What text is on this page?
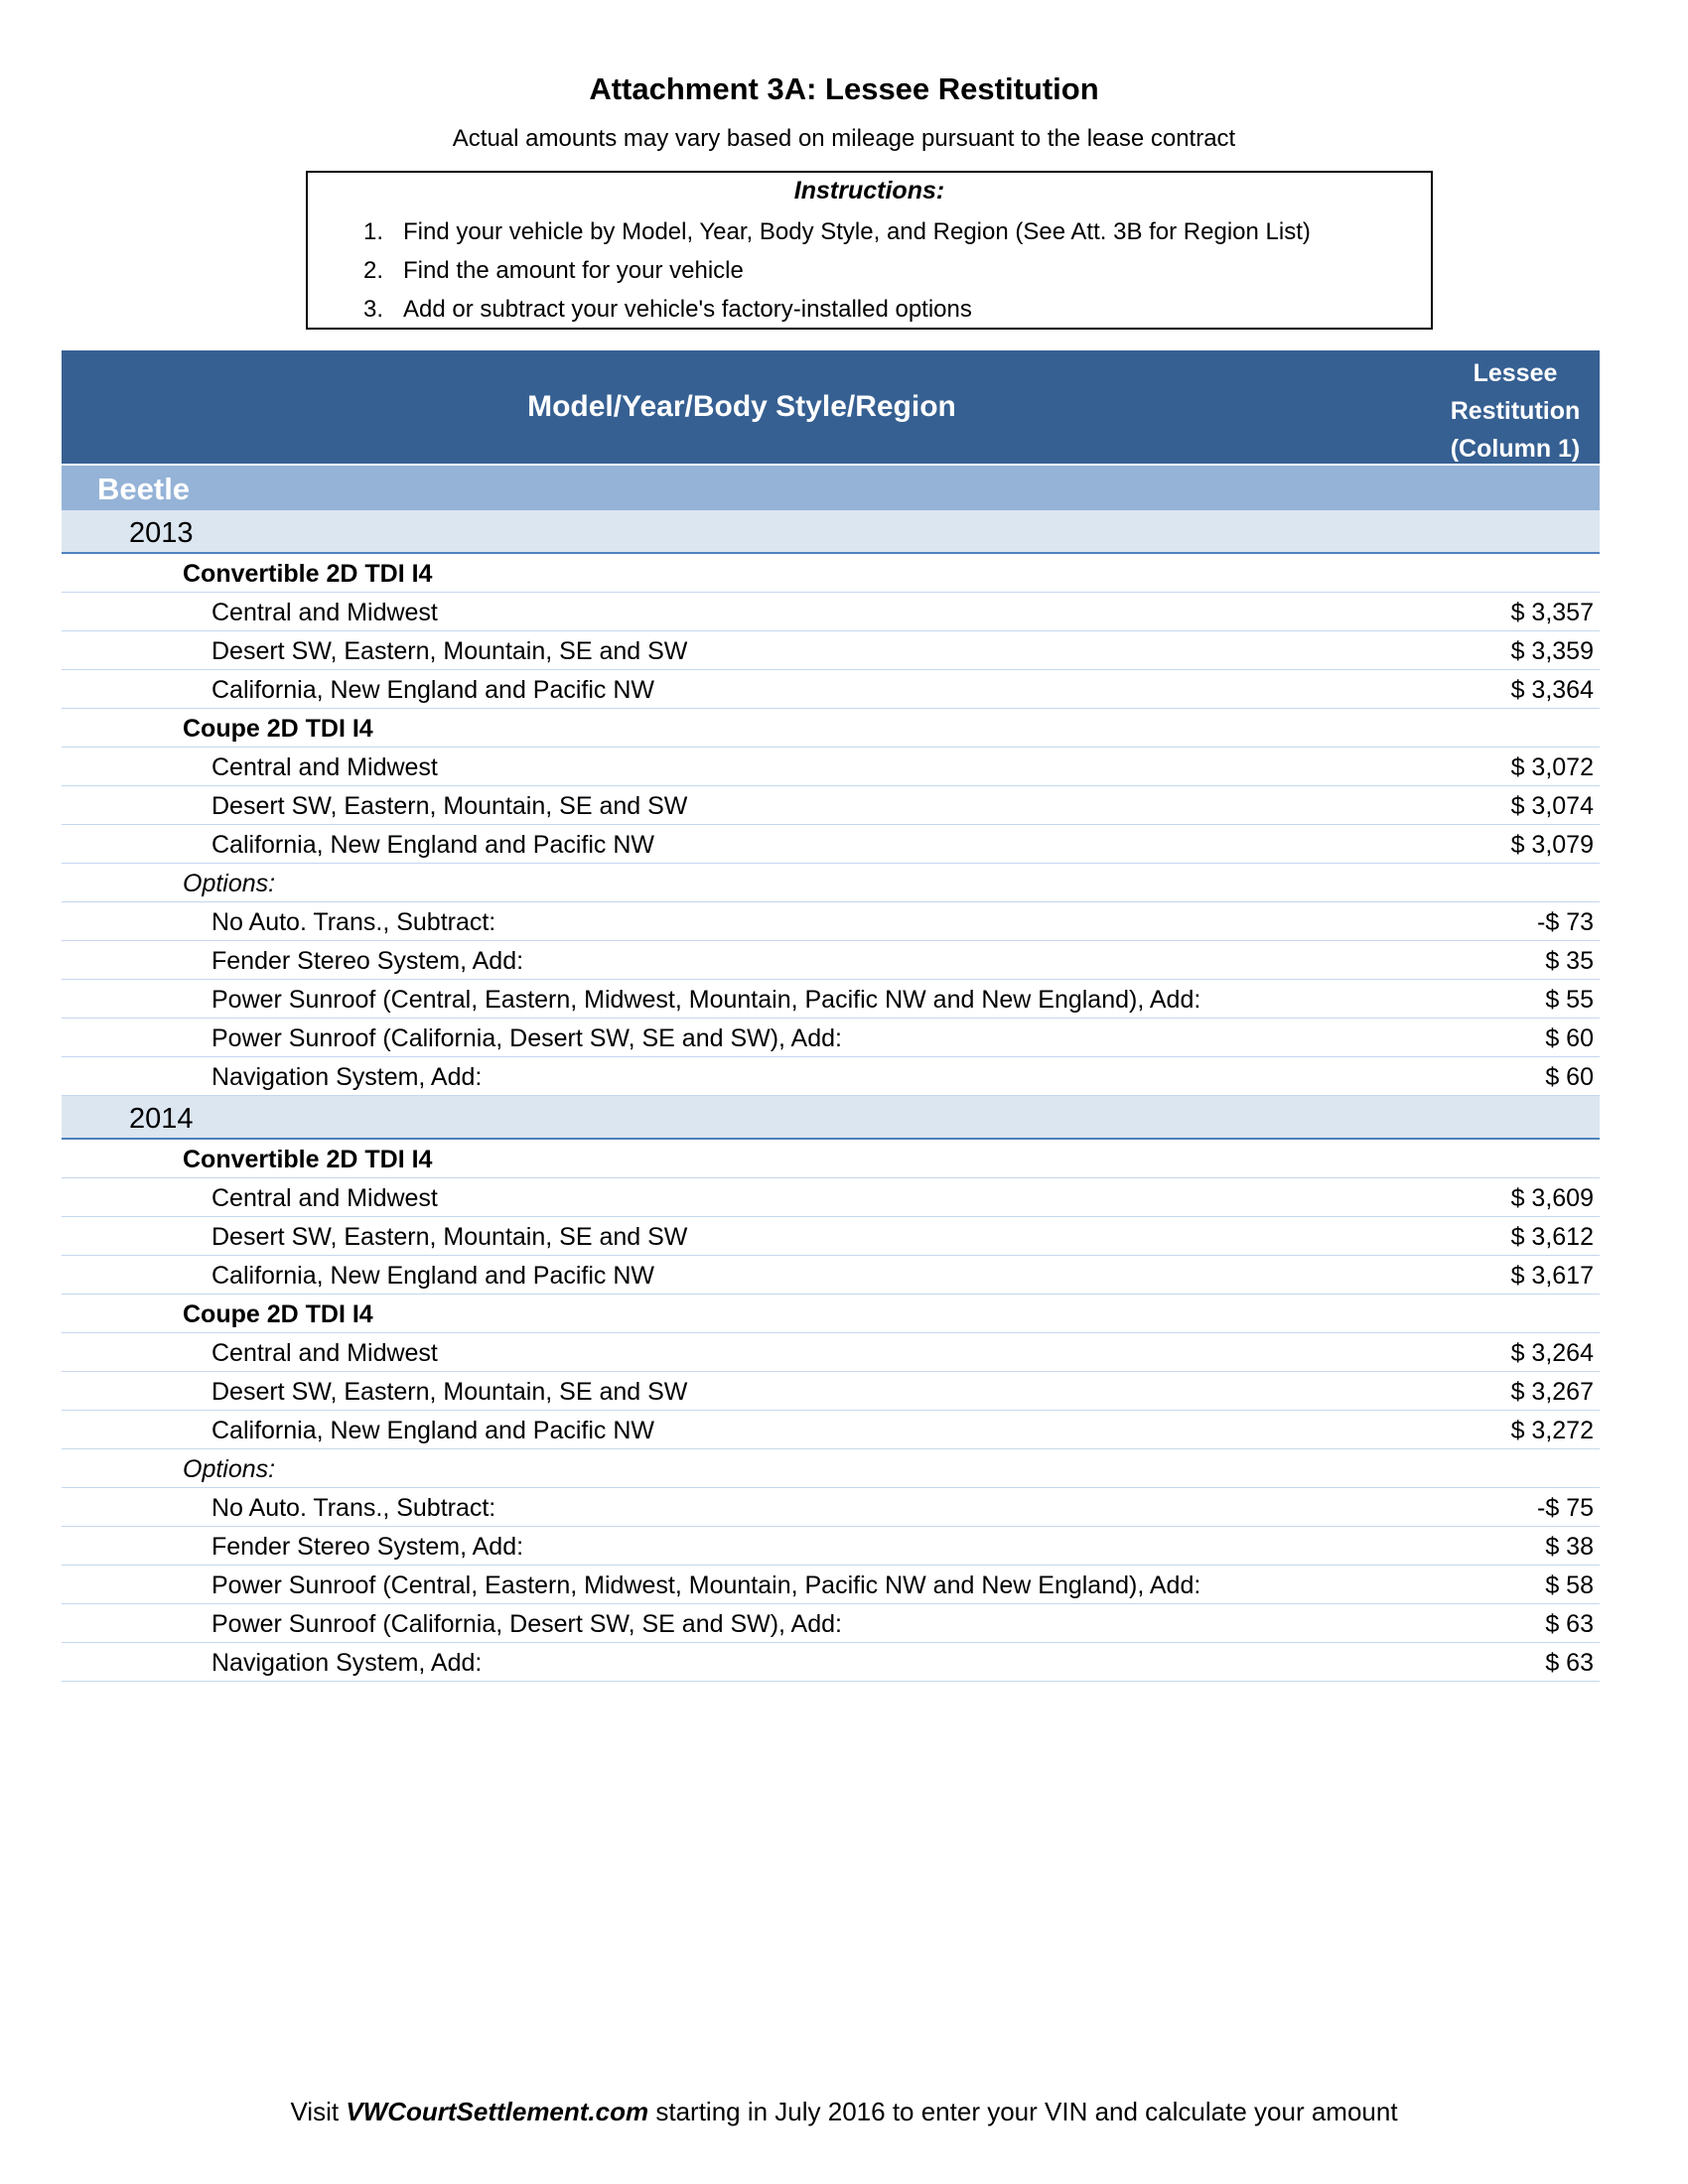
Attachment 3A: Lessee Restitution
Actual amounts may vary based on mileage pursuant to the lease contract
Instructions:
1. Find your vehicle by Model, Year, Body Style, and Region (See Att. 3B for Region List)
2. Find the amount for your vehicle
3. Add or subtract your vehicle's factory-installed options
Model/Year/Body Style/Region
Lessee
Restitution
(Column 1)
Beetle
2013
Convertible 2D TDI I4
Central and Midwest	$ 3,357
Desert SW, Eastern, Mountain, SE and SW	$ 3,359
California, New England and Pacific NW	$ 3,364
Coupe 2D TDI I4
Central and Midwest	$ 3,072
Desert SW, Eastern, Mountain, SE and SW	$ 3,074
California, New England and Pacific NW	$ 3,079
Options:
No Auto. Trans., Subtract:	-$ 73
Fender Stereo System, Add:	$ 35
Power Sunroof (Central, Eastern, Midwest, Mountain, Pacific NW and New England), Add:	$ 55
Power Sunroof (California, Desert SW, SE and SW), Add:	$ 60
Navigation System, Add:	$ 60
2014
Convertible 2D TDI I4
Central and Midwest	$ 3,609
Desert SW, Eastern, Mountain, SE and SW	$ 3,612
California, New England and Pacific NW	$ 3,617
Coupe 2D TDI I4
Central and Midwest	$ 3,264
Desert SW, Eastern, Mountain, SE and SW	$ 3,267
California, New England and Pacific NW	$ 3,272
Options:
No Auto. Trans., Subtract:	-$ 75
Fender Stereo System, Add:	$ 38
Power Sunroof (Central, Eastern, Midwest, Mountain, Pacific NW and New England), Add:	$ 58
Power Sunroof (California, Desert SW, SE and SW), Add:	$ 63
Navigation System, Add:	$ 63
Visit VWCourtSettlement.com starting in July 2016 to enter your VIN and calculate your amount
